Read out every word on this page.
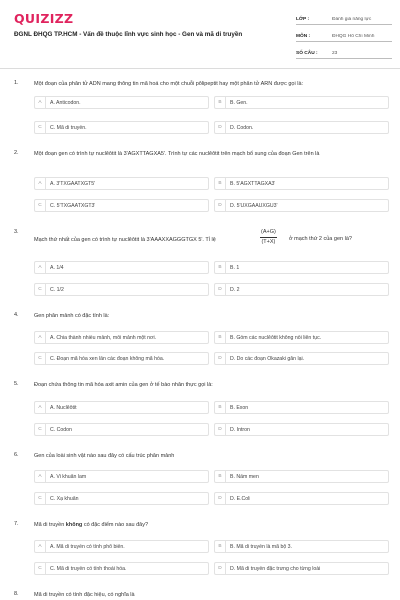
QUIZIZZ
ĐGNL ĐHQG TP.HCM - Vấn đề thuộc lĩnh vực sinh học - Gen và mã di truyền
LỚP :	Đánh giá năng lực
MÔN :	ĐHQG Hồ Chí Minh
SỐ CÂU :	23
1.	Một đoạn của phân tử ADN mang thông tin mã hoá cho một chuỗi pôlipeptit hay một phân tử ARN được gọi là:
A	A. Anticodon.	B	B. Gen.
C	C. Mã di truyền.	D	D. Codon.
2.	Một đoạn gen có trình tự nuclêôtit là 3'AGXTTAGXA5'. Trình tự các nuclêôtit trên mạch bổ sung của đoạn Gen trên là
A	A. 3'TXGAATXGT5'	B	B. 5'AGXTTAGXA3'
C	C. 5'TXGAATXGT3'	D	D. 5'UXGAAUXGU3'
3.
Mạch thứ nhất của gen có trình tự nuclêôtit là 3'AAAXXAGGGTGX 5'. Tỉ lệ	$\frac{(A+G)}{(T+X)}$ ở mạch thứ 2 của gen là?
A	A. 1/4	B	B. 1
C	C. 1/2	D	D. 2
4.	Gen phân mảnh có đặc tính là:
A	A. Chia thành nhiều mảnh, mỗi mảnh một nơi.	B	B. Gồm các nuclêôtit không nối liên tục.
C	C. Đoạn mã hóa xen lẫn các đoạn không mã hóa.	D	D. Do các đoạn Okazaki gắn lại.
5.	Đoạn chứa thông tin mã hóa axit amin của gen ở tế bào nhân thực gọi là:
A	A. Nuclêôtit	B	B. Exon
C	C. Codon	D	D. Intron
6.	Gen của loài sinh vật nào sau đây có cấu trúc phân mảnh
A	A. Vi khuẩn lam	B	B. Nấm men
C	C. Xạ khuẩn	D	D. E.Coli
7.	Mã di truyền không có đặc điểm nào sau đây?
A	A. Mã di truyền có tính phổ biến.	B	B. Mã di truyền là mã bộ 3.
C	C. Mã di truyền có tính thoái hóa.	D	D. Mã di truyền đặc trưng cho từng loài
8.	Mã di truyền có tính đặc hiệu, có nghĩa là
